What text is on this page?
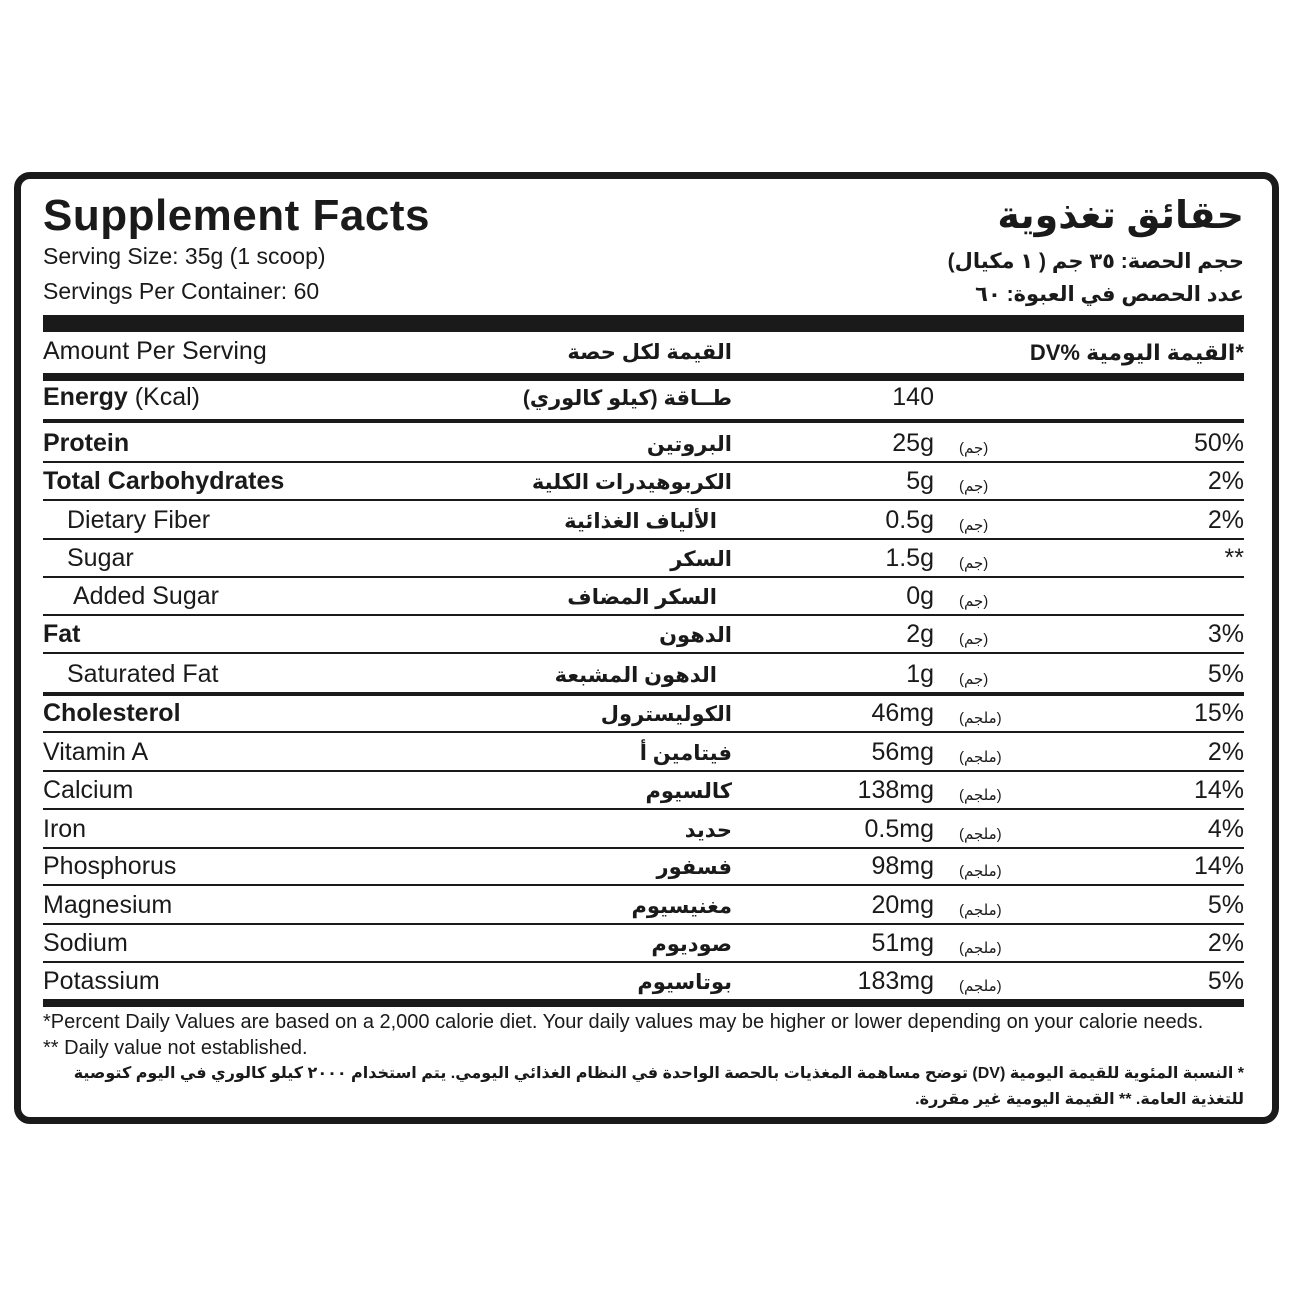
Supplement Facts	حقائق تغذوية
Serving Size: 35g (1 scoop)
Servings Per Container: 60
حجم الحصة: ٣٥ جم ( ١ مكيال)
عدد الحصص في العبوة: ٦٠
Amount Per Serving	القيمة لكل حصة	*القيمة اليومية %DV
Energy (Kcal)	طــاقة (كيلو كالوري)	140
Protein	البروتين	25g (جم)	50%
Total Carbohydrates	الكربوهيدرات الكلية	5g (جم)	2%
Dietary Fiber	الألياف الغذائية	0.5g (جم)	2%
Sugar	السكر	1.5g (جم)	**
Added Sugar	السكر المضاف	0g (جم)
Fat	الدهون	2g (جم)	3%
Saturated Fat	الدهون المشبعة	1g (جم)	5%
Cholesterol	الكوليسترول	46mg (ملجم)	15%
Vitamin A	فيتامين أ	56mg (ملجم)	2%
Calcium	كالسيوم	138mg (ملجم)	14%
Iron	حديد	0.5mg (ملجم)	4%
Phosphorus	فسفور	98mg (ملجم)	14%
Magnesium	مغنيسيوم	20mg (ملجم)	5%
Sodium	صوديوم	51mg (ملجم)	2%
Potassium	بوتاسيوم	183mg (ملجم)	5%
*Percent Daily Values are based on a 2,000 calorie diet. Your daily values may be higher or lower depending on your calorie needs. ** Daily value not established.
* النسبة المئوية للقيمة اليومية (DV) توضح مساهمة المغذيات بالحصة الواحدة في النظام الغذائي اليومي. يتم استخدام ٢٠٠٠ كيلو كالوري في اليوم كتوصية للتغذية العامة. ** القيمة اليومية غير مقررة.
